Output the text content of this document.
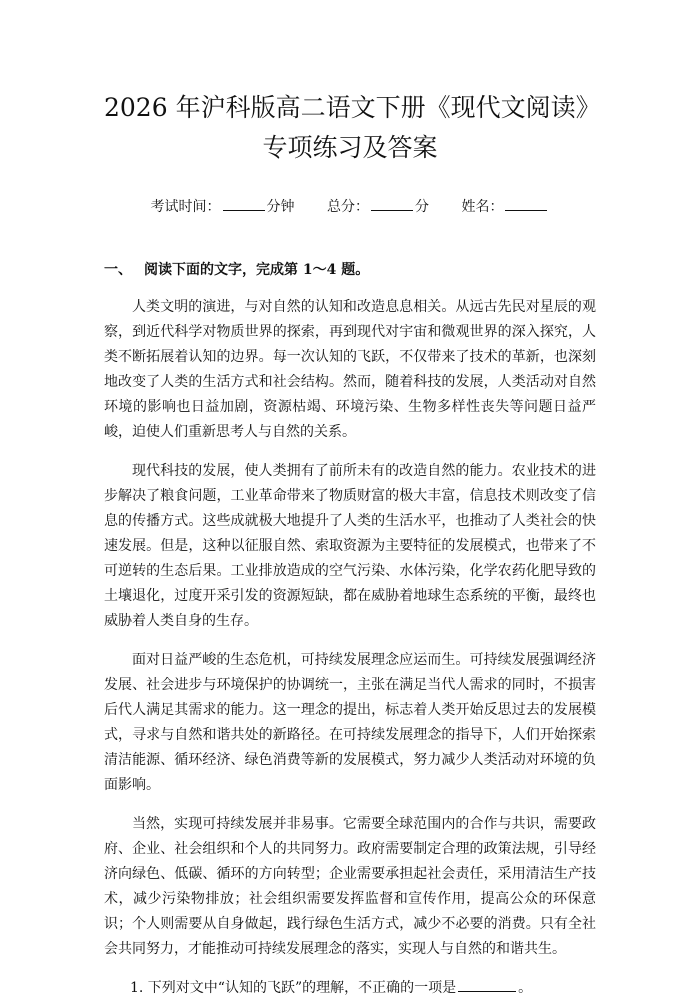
2026 年沪科版高二语文下册《现代文阅读》
专项练习及答案
考试时间：	分钟 总分：	分 姓名：
一、 阅读下面的文字，完成第 1～4 题。

人类文明的演进，与对自然的认知和改造息息相关。从远古先民对星辰的观察，到近代科学对物质世界的探索，再到现代对宇宙和微观世界的深入探究，人类不断拓展着认知的边界。每一次认知的飞跃，不仅带来了技术的革新，也深刻地改变了人类的生活方式和社会结构。然而，随着科技的发展，人类活动对自然环境的影响也日益加剧，资源枯竭、环境污染、生物多样性丧失等问题日益严峻，迫使人们重新思考人与自然的关系。

现代科技的发展，使人类拥有了前所未有的改造自然的能力。农业技术的进步解决了粮食问题，工业革命带来了物质财富的极大丰富，信息技术则改变了信息的传播方式。这些成就极大地提升了人类的生活水平，也推动了人类社会的快速发展。但是，这种以征服自然、索取资源为主要特征的发展模式，也带来了不可逆转的生态后果。工业排放造成的空气污染、水体污染，化学农药化肥导致的土壤退化，过度开采引发的资源短缺，都在威胁着地球生态系统的平衡，最终也威胁着人类自身的生存。

面对日益严峻的生态危机，可持续发展理念应运而生。可持续发展强调经济发展、社会进步与环境保护的协调统一，主张在满足当代人需求的同时，不损害后代人满足其需求的能力。这一理念的提出，标志着人类开始反思过去的发展模式，寻求与自然和谐共处的新路径。在可持续发展理念的指导下，人们开始探索清洁能源、循环经济、绿色消费等新的发展模式，努力减少人类活动对环境的负面影响。

当然，实现可持续发展并非易事。它需要全球范围内的合作与共识，需要政府、企业、社会组织和个人的共同努力。政府需要制定合理的政策法规，引导经济向绿色、低碳、循环的方向转型；企业需要承担起社会责任，采用清洁生产技术，减少污染物排放；社会组织需要发挥监督和宣传作用，提高公众的环保意识；个人则需要从自身做起，践行绿色生活方式，减少不必要的消费。只有全社会共同努力，才能推动可持续发展理念的落实，实现人与自然的和谐共生。

1. 下列对文中“认知的飞跃”的理解，不正确的一项是	。
